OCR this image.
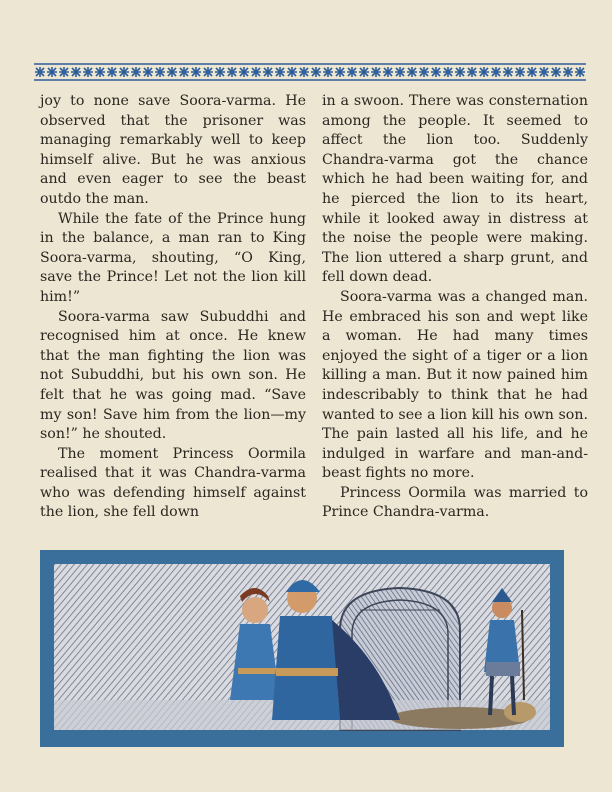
joy to none save Soora-varma. He observed that the prisoner was managing remarkably well to keep himself alive. But he was anxious and even eager to see the beast outdo the man.

While the fate of the Prince hung in the balance, a man ran to King Soora-varma, shouting, “O King, save the Prince! Let not the lion kill him!”

Soora-varma saw Subuddhi and recognised him at once. He knew that the man fighting the lion was not Subuddhi, but his own son. He felt that he was going mad. “Save my son! Save him from the lion—my son!” he shouted.

The moment Princess Oormila realised that it was Chandra-varma who was defending himself against the lion, she fell down

in a swoon. There was consternation among the people. It seemed to affect the lion too. Suddenly Chandra-varma got the chance which he had been waiting for, and he pierced the lion to its heart, while it looked away in distress at the noise the people were making. The lion uttered a sharp grunt, and fell down dead.

Soora-varma was a changed man. He embraced his son and wept like a woman. He had many times enjoyed the sight of a tiger or a lion killing a man. But it now pained him indescribably to think that he had wanted to see a lion kill his own son. The pain lasted all his life, and he indulged in warfare and man-and-beast fights no more.

Princess Oormila was married to Prince Chandra-varma.
